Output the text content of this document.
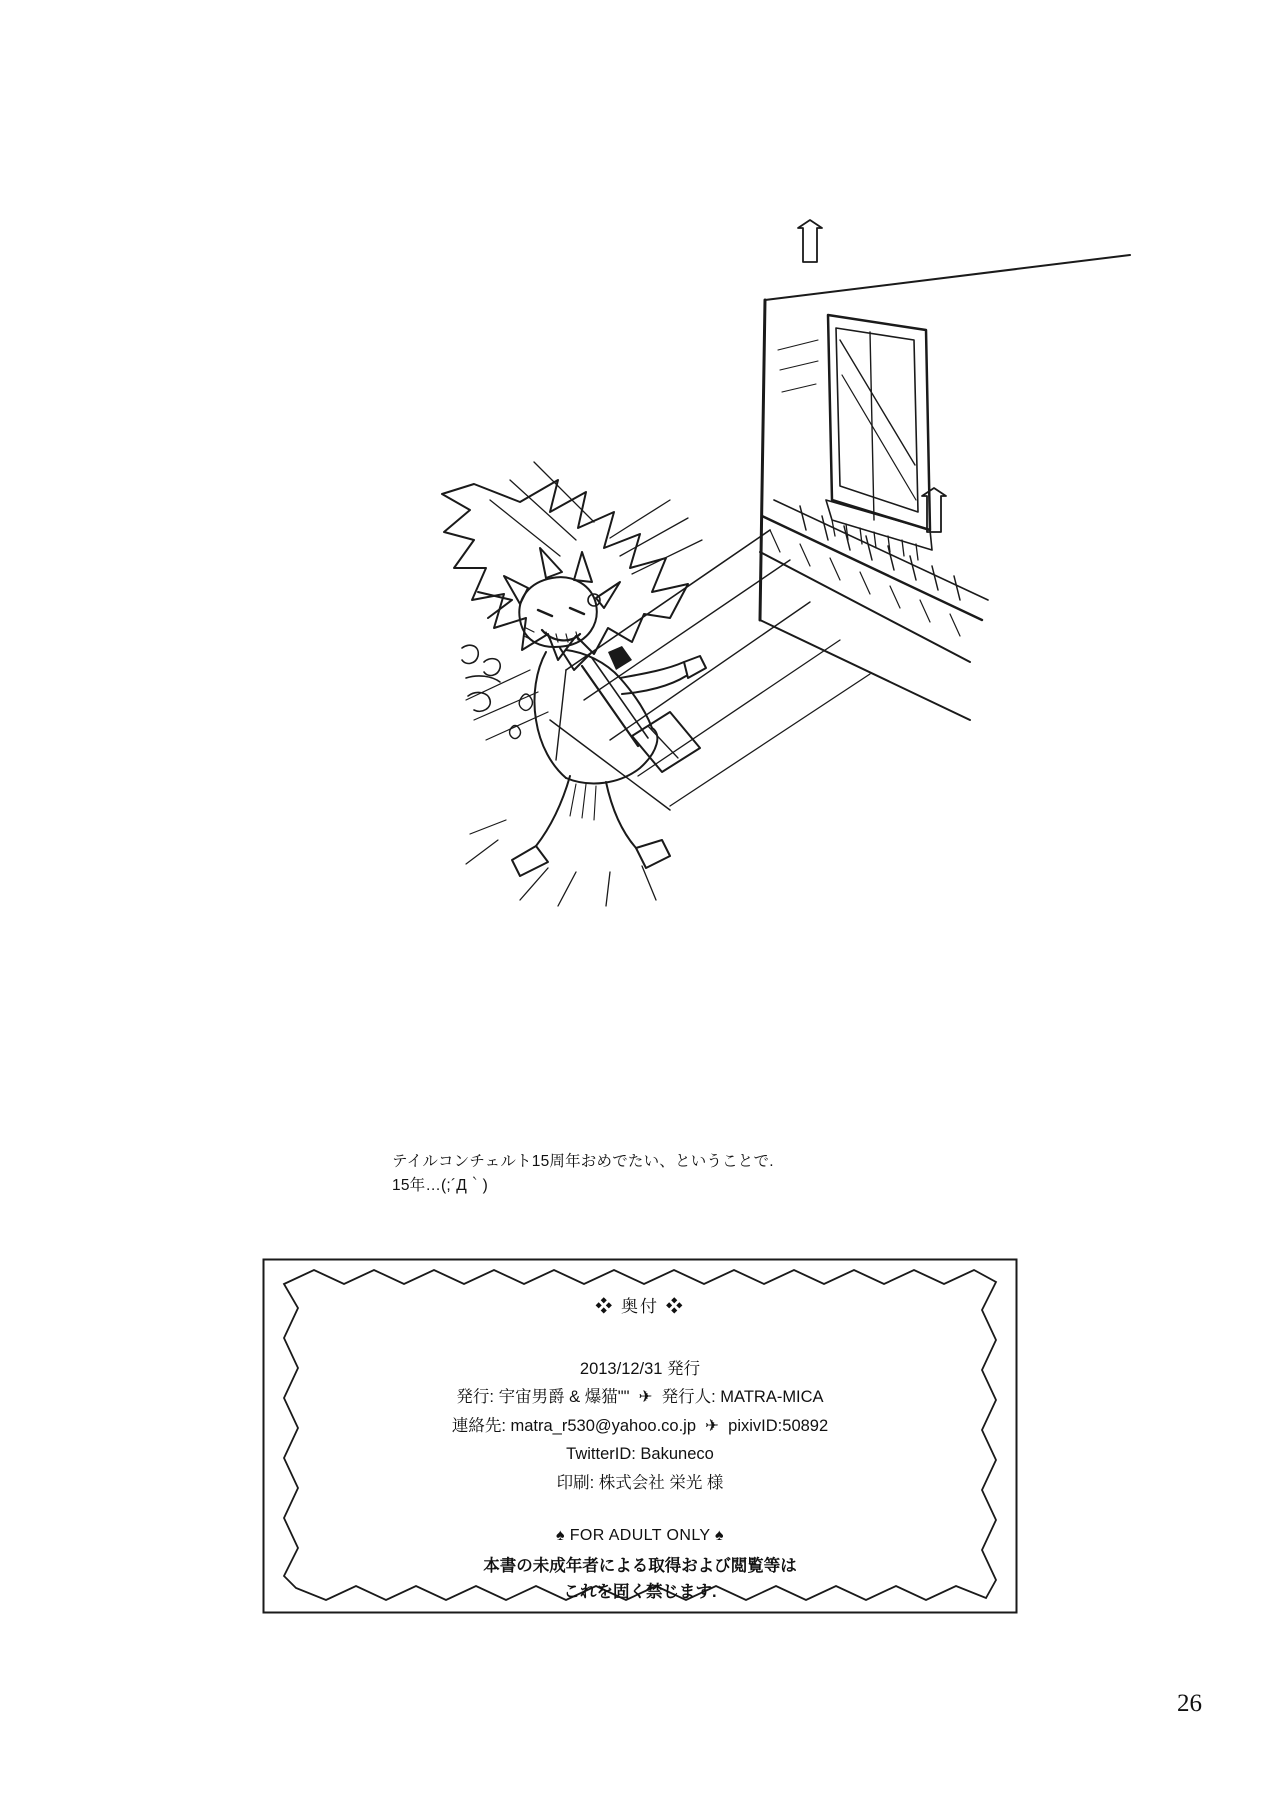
テイルコンチェルト15周年おめでたい、ということで.
15年…(;´Д｀)
❖ 奥付 ❖
2013/12/31 発行
発行: 宇宙男爵 & 爆猫""  ✈  発行人: MATRA-MICA
連絡先: matra_r530@yahoo.co.jp  ✈  pixivID:50892
TwitterID: Bakuneco
印刷: 株式会社 栄光 様
♠ FOR ADULT ONLY ♠
本書の未成年者による取得および閲覧等は
これを固く禁じます.
26
